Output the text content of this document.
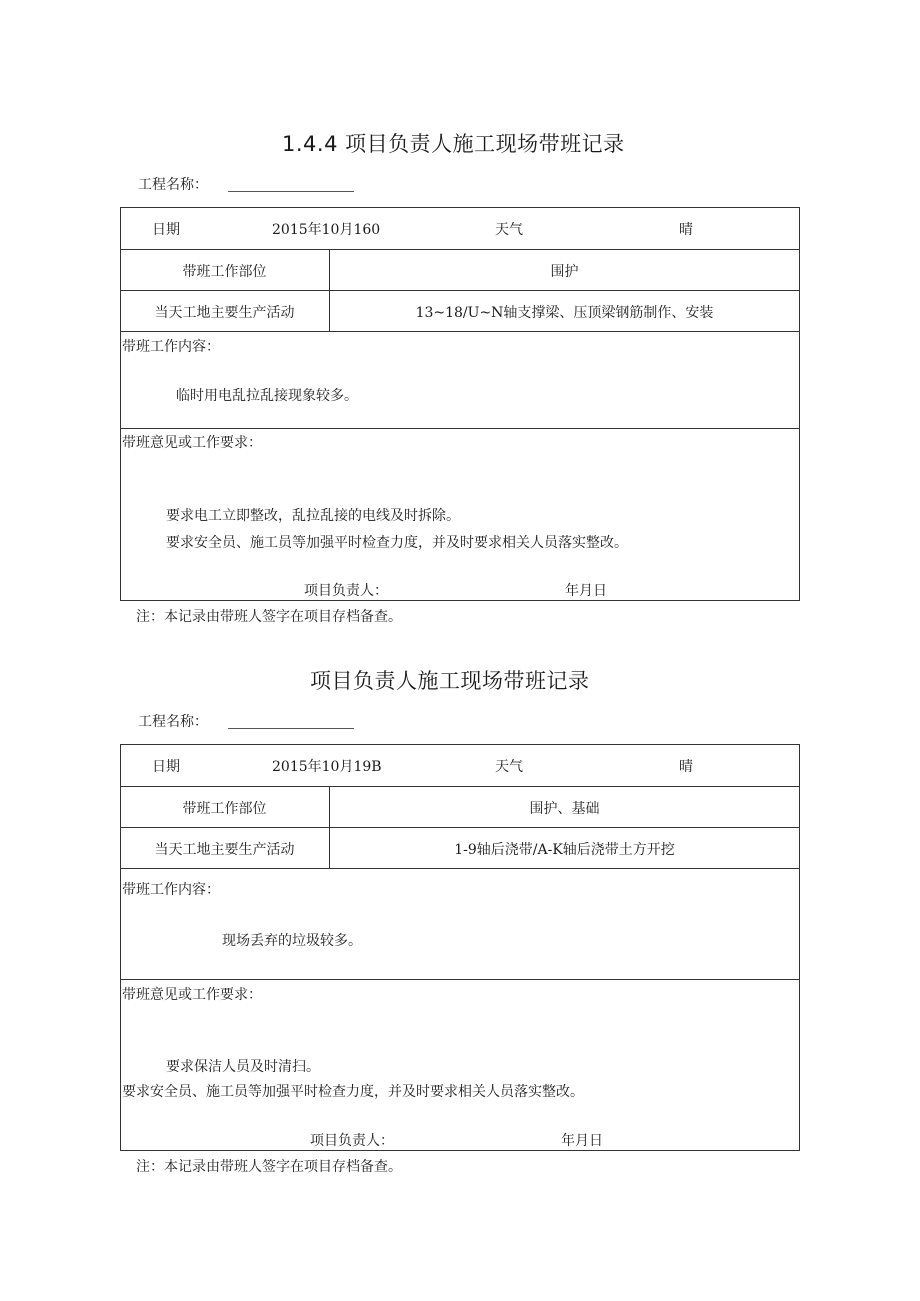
1.4.4 项目负责人施工现场带班记录
工程名称：
日期	2015年10月160	天气	晴
带班工作部位	围护
当天工地主要生产活动	13~18/U~N轴支撑梁、压顶梁钢筋制作、安装
带班工作内容：
临时用电乱拉乱接现象较多。
带班意见或工作要求：
要求电工立即整改，乱拉乱接的电线及时拆除。
要求安全员、施工员等加强平时检查力度，并及时要求相关人员落实整改。
项目负责人：	年月日
注：本记录由带班人签字在项目存档备查。
项目负责人施工现场带班记录
工程名称：
日期	2015年10月19B	天气	晴
带班工作部位	围护、基础
当天工地主要生产活动	1-9轴后浇带/A-K轴后浇带土方开挖
带班工作内容：
现场丢弃的垃圾较多。
带班意见或工作要求：
要求保洁人员及时清扫。
要求安全员、施工员等加强平时检查力度，并及时要求相关人员落实整改。
项目负责人：	年月日
注：本记录由带班人签字在项目存档备查。
